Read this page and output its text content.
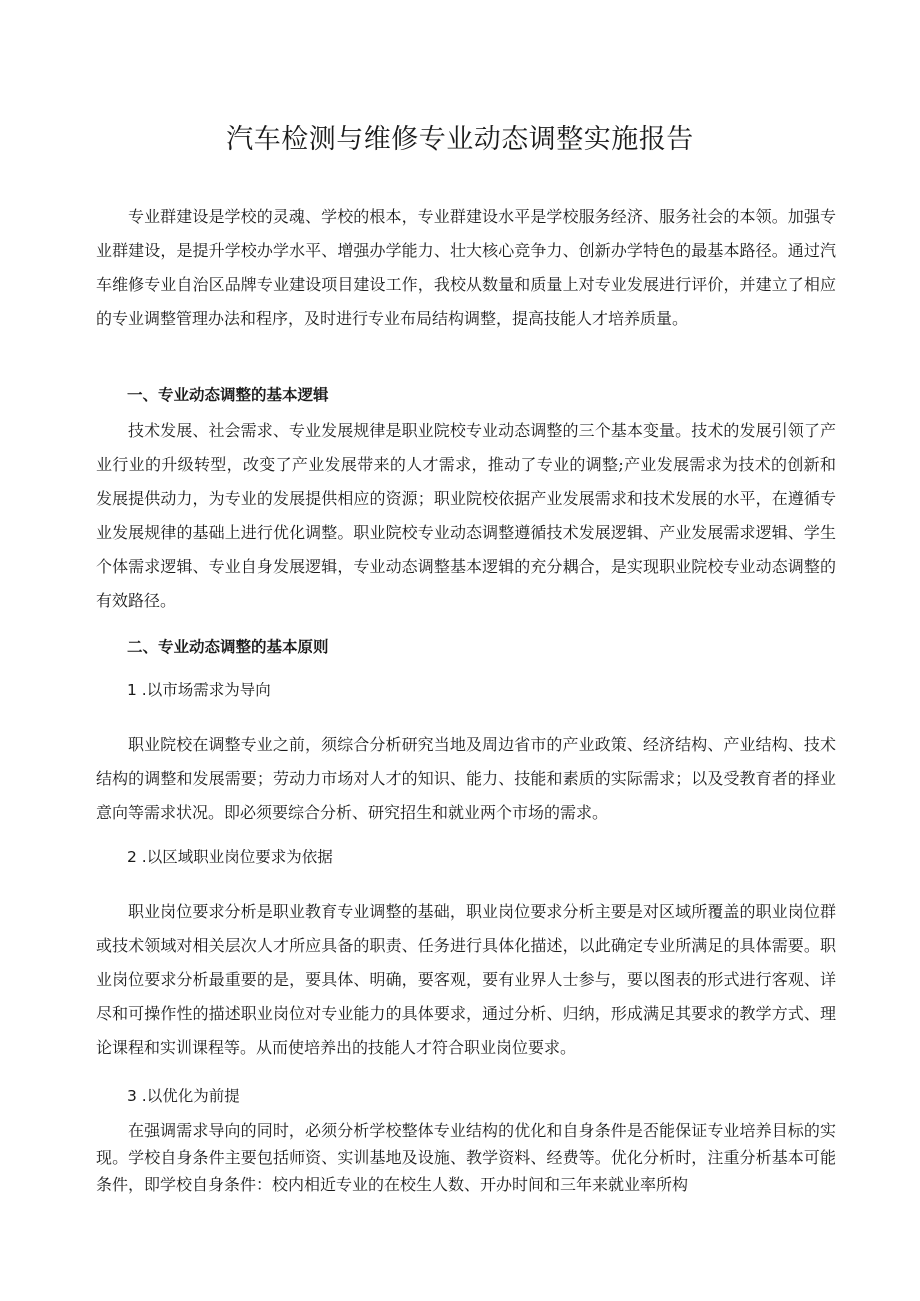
汽车检测与维修专业动态调整实施报告

专业群建设是学校的灵魂、学校的根本，专业群建设水平是学校服务经济、服务社会的本领。加强专业群建设，是提升学校办学水平、增强办学能力、壮大核心竞争力、创新办学特色的最基本路径。通过汽车维修专业自治区品牌专业建设项目建设工作，我校从数量和质量上对专业发展进行评价，并建立了相应的专业调整管理办法和程序，及时进行专业布局结构调整，提高技能人才培养质量。

一、专业动态调整的基本逻辑

技术发展、社会需求、专业发展规律是职业院校专业动态调整的三个基本变量。技术的发展引领了产业行业的升级转型，改变了产业发展带来的人才需求，推动了专业的调整;产业发展需求为技术的创新和发展提供动力，为专业的发展提供相应的资源；职业院校依据产业发展需求和技术发展的水平，在遵循专业发展规律的基础上进行优化调整。职业院校专业动态调整遵循技术发展逻辑、产业发展需求逻辑、学生个体需求逻辑、专业自身发展逻辑，专业动态调整基本逻辑的充分耦合，是实现职业院校专业动态调整的有效路径。

二、专业动态调整的基本原则

1 .以市场需求为导向

职业院校在调整专业之前，须综合分析研究当地及周边省市的产业政策、经济结构、产业结构、技术结构的调整和发展需要；劳动力市场对人才的知识、能力、技能和素质的实际需求；以及受教育者的择业意向等需求状况。即必须要综合分析、研究招生和就业两个市场的需求。

2 .以区域职业岗位要求为依据

职业岗位要求分析是职业教育专业调整的基础，职业岗位要求分析主要是对区域所覆盖的职业岗位群或技术领域对相关层次人才所应具备的职责、任务进行具体化描述，以此确定专业所满足的具体需要。职业岗位要求分析最重要的是，要具体、明确，要客观，要有业界人士参与，要以图表的形式进行客观、详尽和可操作性的描述职业岗位对专业能力的具体要求，通过分析、归纳，形成满足其要求的教学方式、理论课程和实训课程等。从而使培养出的技能人才符合职业岗位要求。

3 .以优化为前提

在强调需求导向的同时，必须分析学校整体专业结构的优化和自身条件是否能保证专业培养目标的实现。学校自身条件主要包括师资、实训基地及设施、教学资料、经费等。优化分析时，注重分析基本可能条件，即学校自身条件：校内相近专业的在校生人数、开办时间和三年来就业率所构
